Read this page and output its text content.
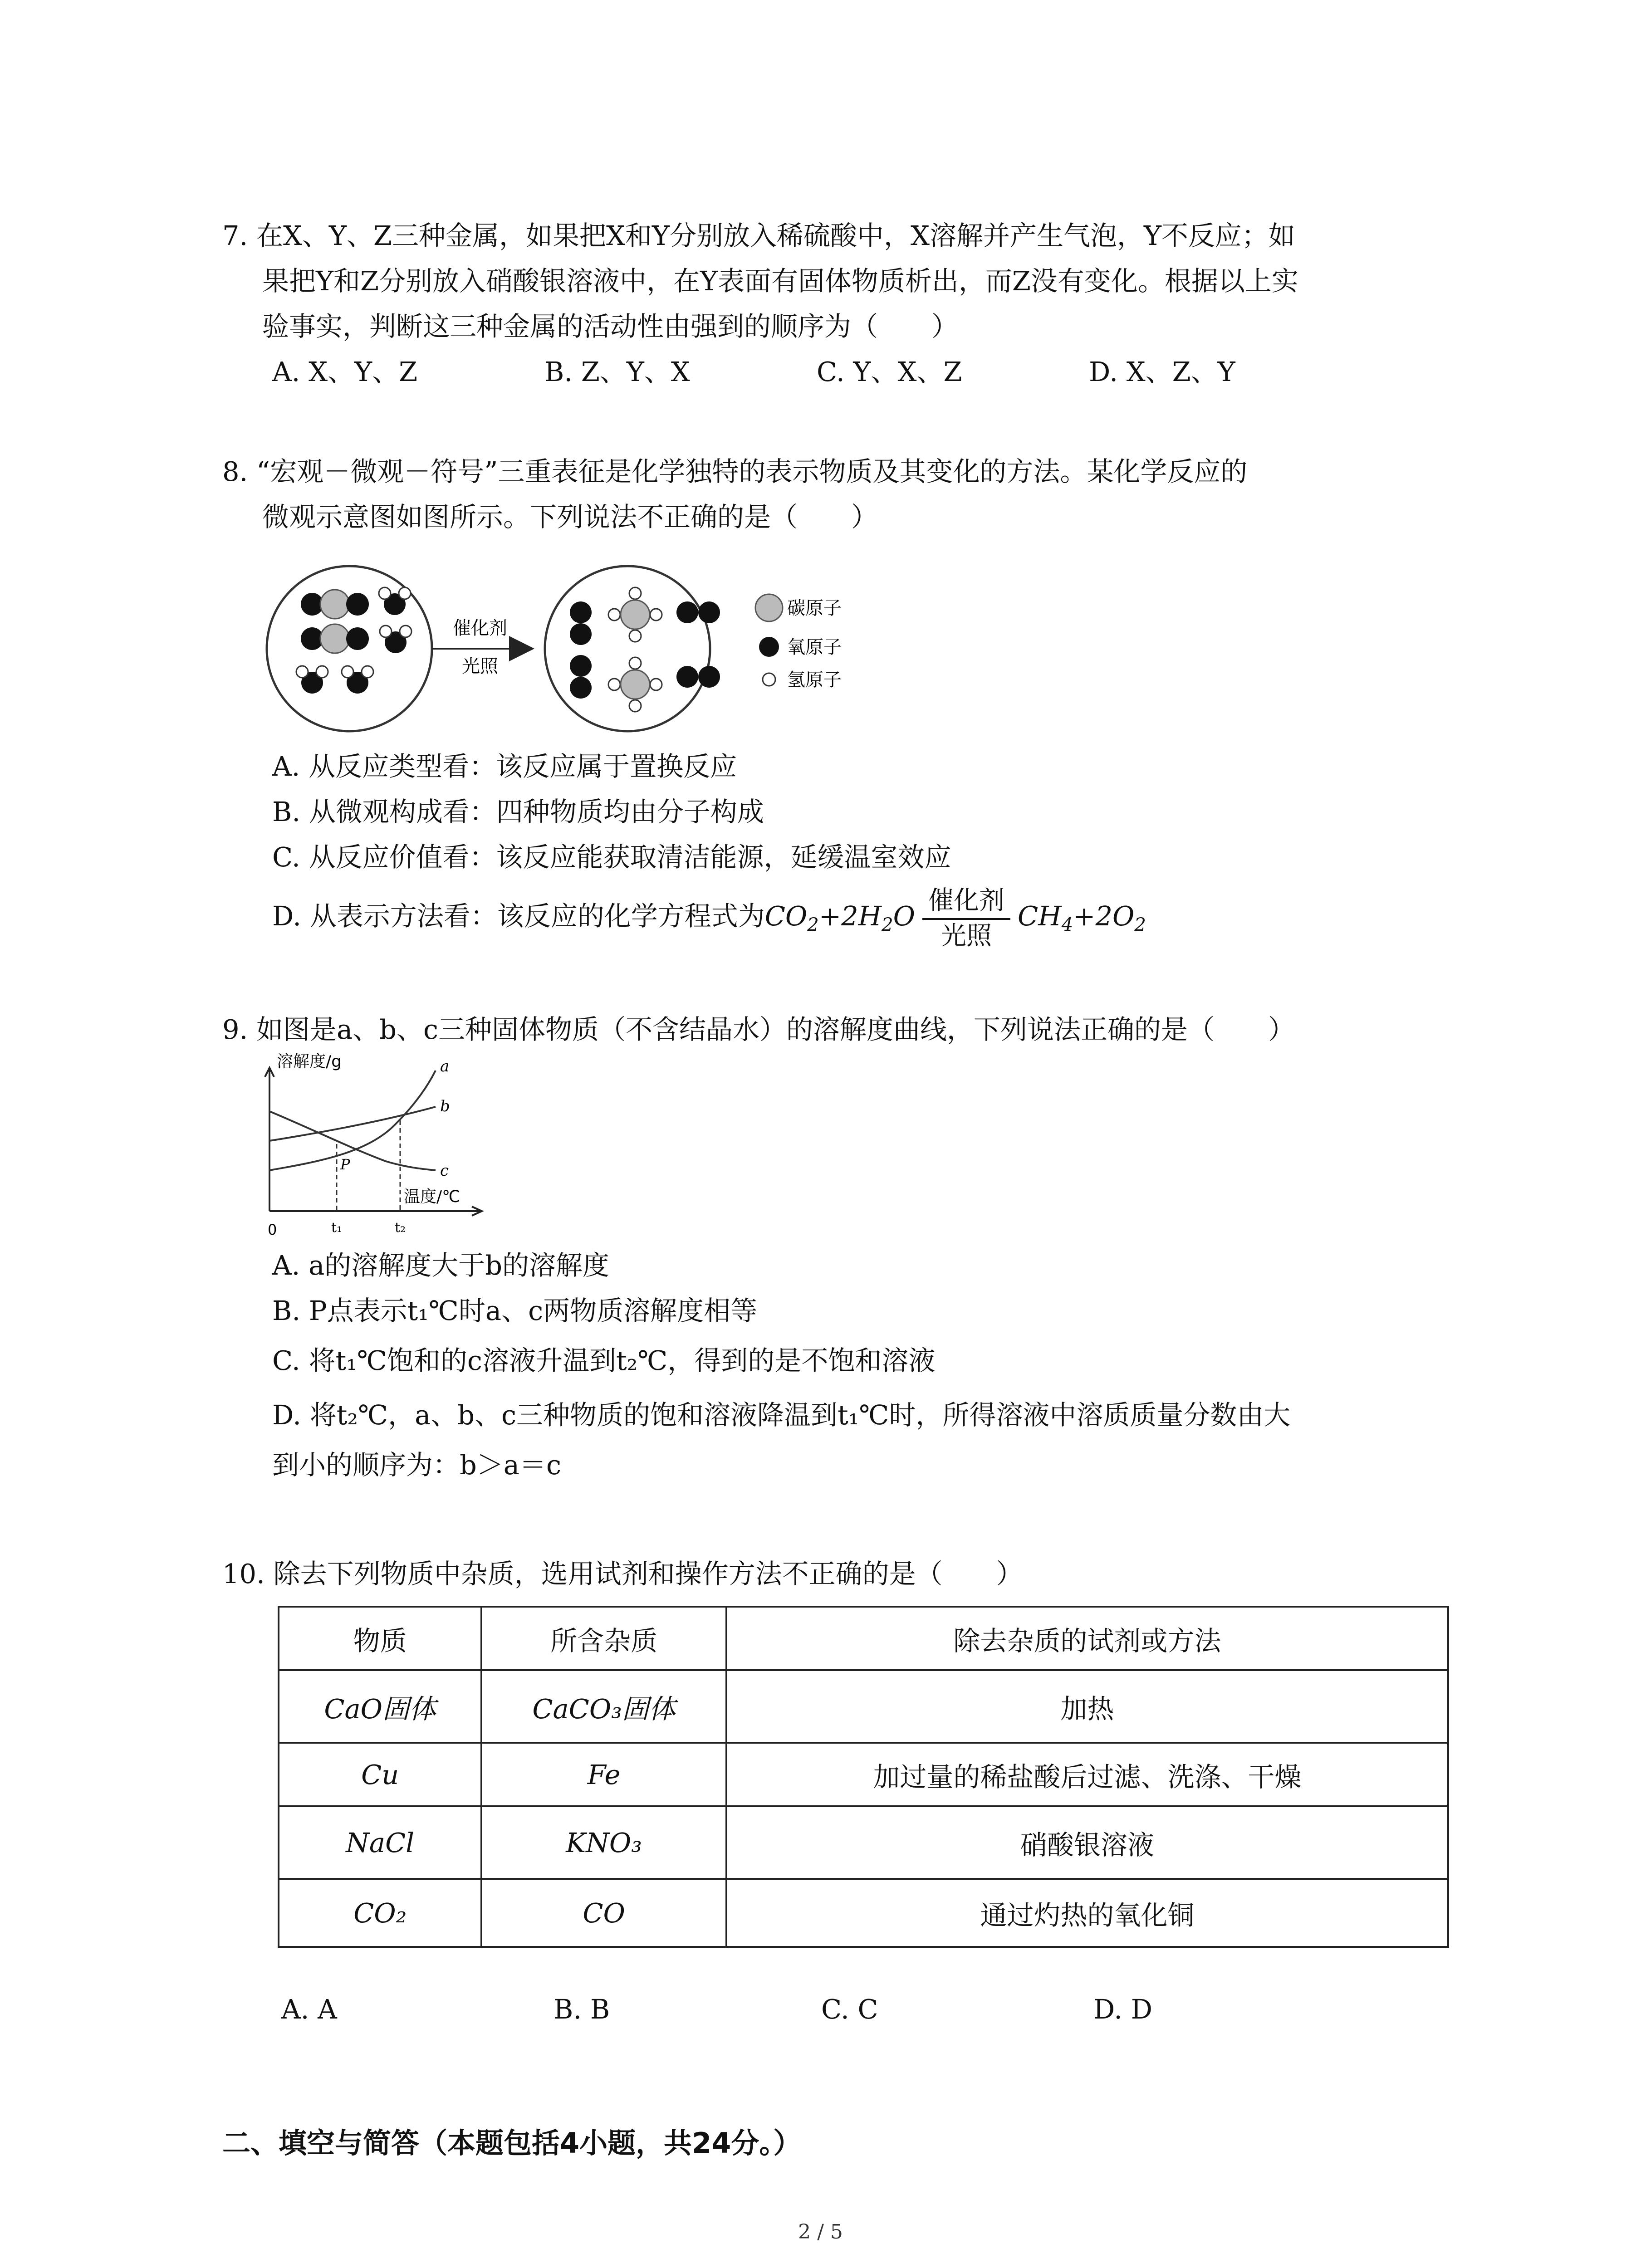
7. 在X、Y、Z三种金属，如果把X和Y分别放入稀硫酸中，X溶解并产生气泡，Y不反应；如
果把Y和Z分别放入硝酸银溶液中，在Y表面有固体物质析出，而Z没有变化。根据以上实
验事实，判断这三种金属的活动性由强到的顺序为（　　）
A. X、Y、Z	B. Z、Y、X	C. Y、X、Z	D. X、Z、Y
8. “宏观－微观－符号”三重表征是化学独特的表示物质及其变化的方法。某化学反应的
微观示意图如图所示。下列说法不正确的是（　　）
催化剂
光照
碳原子
氧原子
氢原子
A. 从反应类型看：该反应属于置换反应
B. 从微观构成看：四种物质均由分子构成
C. 从反应价值看：该反应能获取清洁能源，延缓温室效应
D. 从表示方法看：该反应的化学方程式为$CO_2+2H_2O$ 催化剂
光照
$CH_4+2O_2$
9. 如图是a、b、c三种固体物质（不含结晶水）的溶解度曲线，下列说法正确的是（　　）
溶解度/g
温度/℃
0
a
b
c
P
t₁	t₂
A. a的溶解度大于b的溶解度
B. P点表示t₁℃时a、c两物质溶解度相等
C. 将t₁℃饱和的c溶液升温到t₂℃，得到的是不饱和溶液
D. 将t₂℃，a、b、c三种物质的饱和溶液降温到t₁℃时，所得溶液中溶质质量分数由大
到小的顺序为：b＞a＝c
10. 除去下列物质中杂质，选用试剂和操作方法不正确的是（　　）
物质	所含杂质	除去杂质的试剂或方法
CaO固体	CaCO₃固体	加热
Cu	Fe	加过量的稀盐酸后过滤、洗涤、干燥
NaCl	KNO₃	硝酸银溶液
CO₂	CO	通过灼热的氧化铜
A. A	B. B	C. C	D. D
二、填空与简答（本题包括4小题，共24分。）
2 / 5
